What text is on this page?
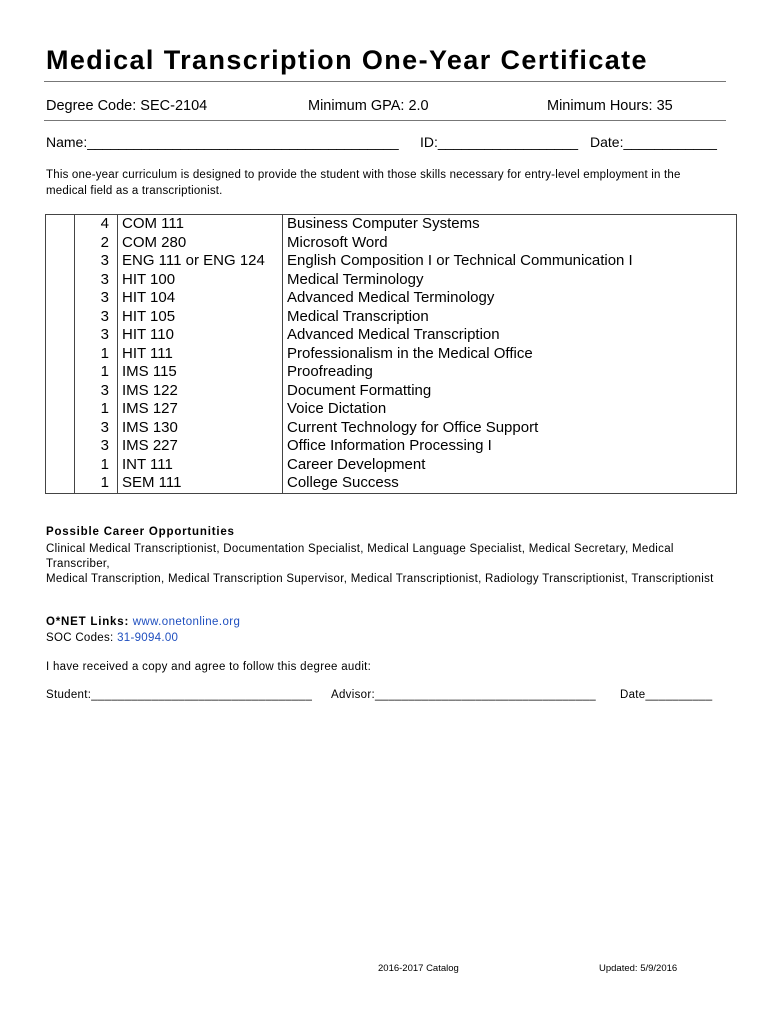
Medical Transcription One-Year Certificate
Degree Code: SEC-2104	Minimum GPA: 2.0	Minimum Hours: 35
Name:________________________________________ ID:__________________ Date:____________
This one-year curriculum is designed to provide the student with those skills necessary for entry-level employment in the medical field as a transcriptionist.
	4	COM 111	Business Computer Systems
	2	COM 280	Microsoft Word
	3	ENG 111 or ENG 124	English Composition I or Technical Communication I
	3	HIT 100	Medical Terminology
	3	HIT 104	Advanced Medical Terminology
	3	HIT 105	Medical Transcription
	3	HIT 110	Advanced Medical Transcription
	1	HIT 111	Professionalism in the Medical Office
	1	IMS 115	Proofreading
	3	IMS 122	Document Formatting
	1	IMS 127	Voice Dictation
	3	IMS 130	Current Technology for Office Support
	3	IMS 227	Office Information Processing I
	1	INT 111	Career Development
	1	SEM 111	College Success
Possible Career Opportunities
Clinical Medical Transcriptionist, Documentation Specialist, Medical Language Specialist, Medical Secretary, Medical Transcriber,
Medical Transcription, Medical Transcription Supervisor, Medical Transcriptionist, Radiology Transcriptionist, Transcriptionist
O*NET Links: www.onetonline.org
SOC Codes: 31-9094.00
I have received a copy and agree to follow this degree audit:
Student:_________________________________ Advisor:_________________________________ Date__________
2016-2017 Catalog	Updated: 5/9/2016
